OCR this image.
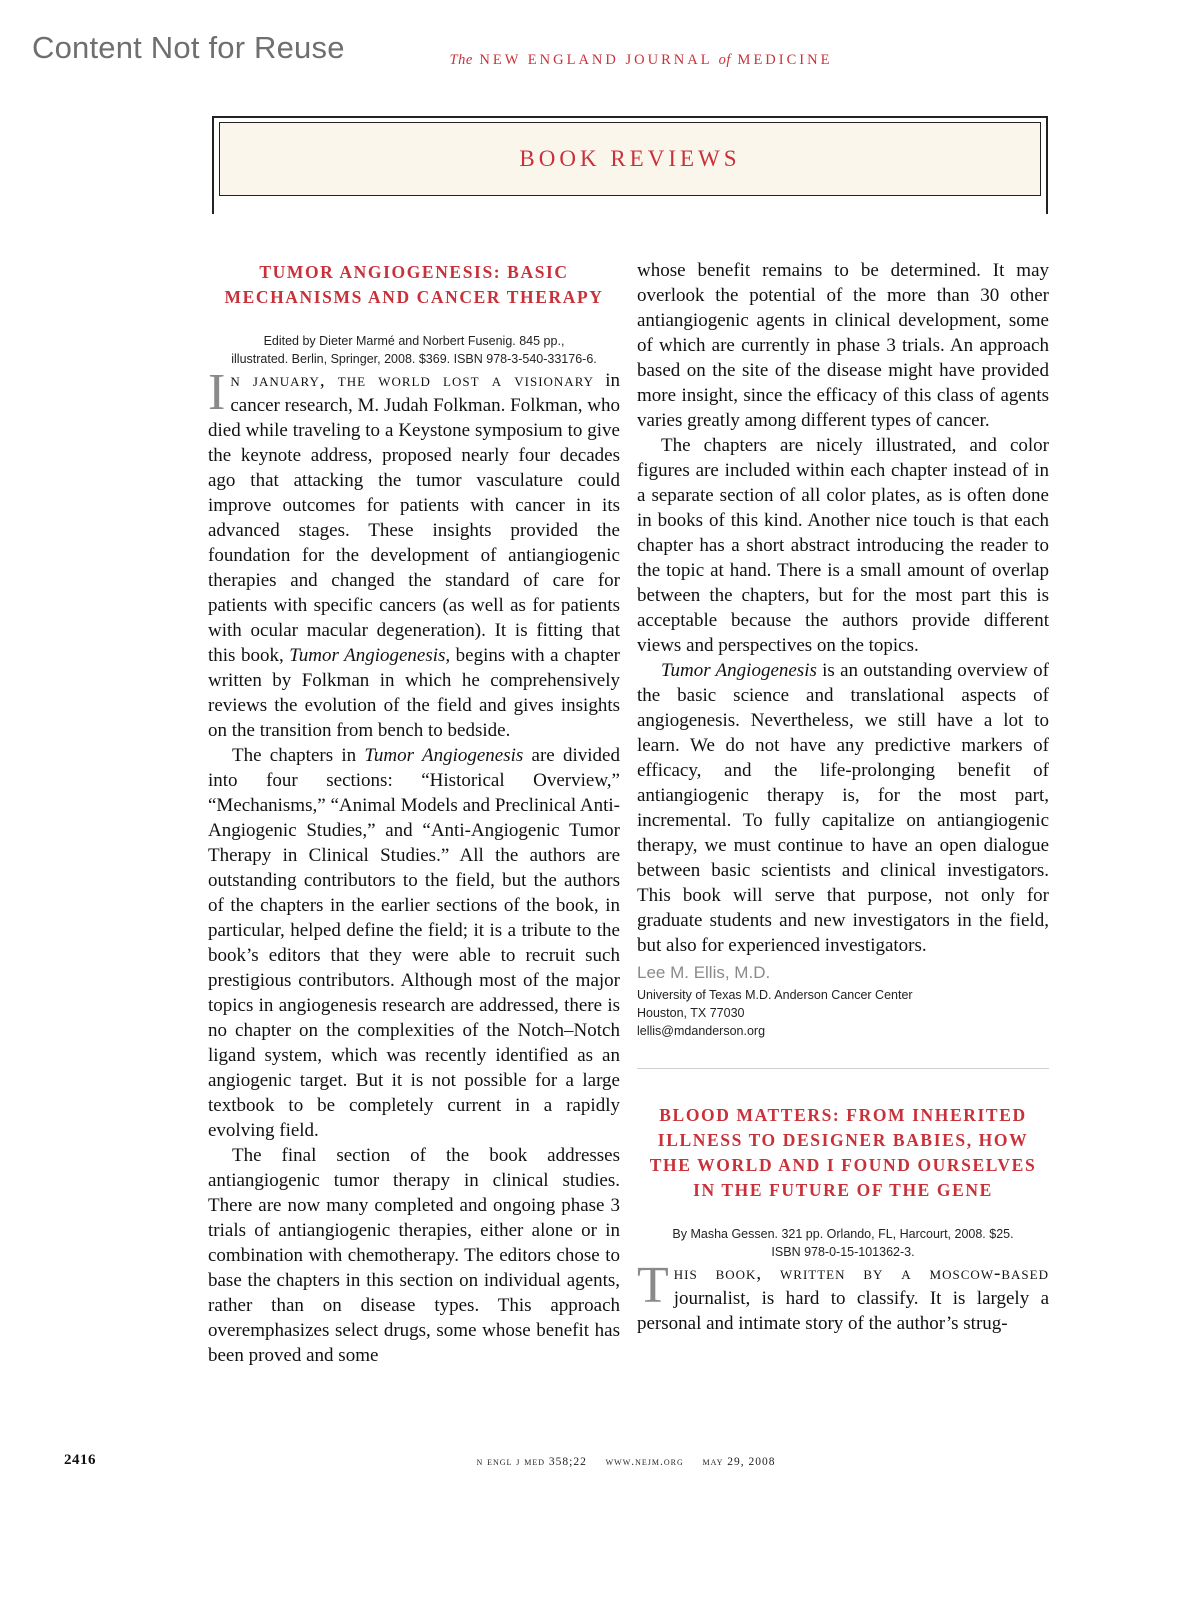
Content Not for Reuse	The NEW ENGLAND JOURNAL of MEDICINE
BOOK REVIEWS
TUMOR ANGIOGENESIS: BASIC MECHANISMS AND CANCER THERAPY
Edited by Dieter Marmé and Norbert Fusenig. 845 pp.,
illustrated. Berlin, Springer, 2008. $369. ISBN 978-3-540-33176-6.

In january, the world lost a visionary in cancer research, M. Judah Folkman. Folkman, who died while traveling to a Keystone symposium to give the keynote address, proposed nearly four decades ago that attacking the tumor vasculature could improve outcomes for patients with cancer in its advanced stages. These insights provided the foundation for the development of antiangiogenic therapies and changed the standard of care for patients with specific cancers (as well as for patients with ocular macular degeneration). It is fitting that this book, Tumor Angiogenesis, begins with a chapter written by Folkman in which he comprehensively reviews the evolution of the field and gives insights on the transition from bench to bedside.

The chapters in Tumor Angiogenesis are divided into four sections: “Historical Overview,” “Mechanisms,” “Animal Models and Preclinical Anti-Angiogenic Studies,” and “Anti-Angiogenic Tumor Therapy in Clinical Studies.” All the authors are outstanding contributors to the field, but the authors of the chapters in the earlier sections of the book, in particular, helped define the field; it is a tribute to the book’s editors that they were able to recruit such prestigious contributors. Although most of the major topics in angiogenesis research are addressed, there is no chapter on the complexities of the Notch–Notch ligand system, which was recently identified as an angiogenic target. But it is not possible for a large textbook to be completely current in a rapidly evolving field.

The final section of the book addresses antiangiogenic tumor therapy in clinical studies. There are now many completed and ongoing phase 3 trials of antiangiogenic therapies, either alone or in combination with chemotherapy. The editors chose to base the chapters in this section on individual agents, rather than on disease types. This approach overemphasizes select drugs, some whose benefit has been proved and some

whose benefit remains to be determined. It may overlook the potential of the more than 30 other antiangiogenic agents in clinical development, some of which are currently in phase 3 trials. An approach based on the site of the disease might have provided more insight, since the efficacy of this class of agents varies greatly among different types of cancer.

The chapters are nicely illustrated, and color figures are included within each chapter instead of in a separate section of all color plates, as is often done in books of this kind. Another nice touch is that each chapter has a short abstract introducing the reader to the topic at hand. There is a small amount of overlap between the chapters, but for the most part this is acceptable because the authors provide different views and perspectives on the topics.

Tumor Angiogenesis is an outstanding overview of the basic science and translational aspects of angiogenesis. Nevertheless, we still have a lot to learn. We do not have any predictive markers of efficacy, and the life-prolonging benefit of antiangiogenic therapy is, for the most part, incremental. To fully capitalize on antiangiogenic therapy, we must continue to have an open dialogue between basic scientists and clinical investigators. This book will serve that purpose, not only for graduate students and new investigators in the field, but also for experienced investigators.

Lee M. Ellis, M.D.
University of Texas M.D. Anderson Cancer Center
Houston, TX 77030
lellis@mdanderson.org
BLOOD MATTERS: FROM INHERITED ILLNESS TO DESIGNER BABIES, HOW THE WORLD AND I FOUND OURSELVES IN THE FUTURE OF THE GENE
By Masha Gessen. 321 pp. Orlando, FL, Harcourt, 2008. $25.
ISBN 978-0-15-101362-3.

This book, written by a moscow-based journalist, is hard to classify. It is largely a personal and intimate story of the author’s strug-

2416	n engl j med 358;22 www.nejm.org may 29, 2008
